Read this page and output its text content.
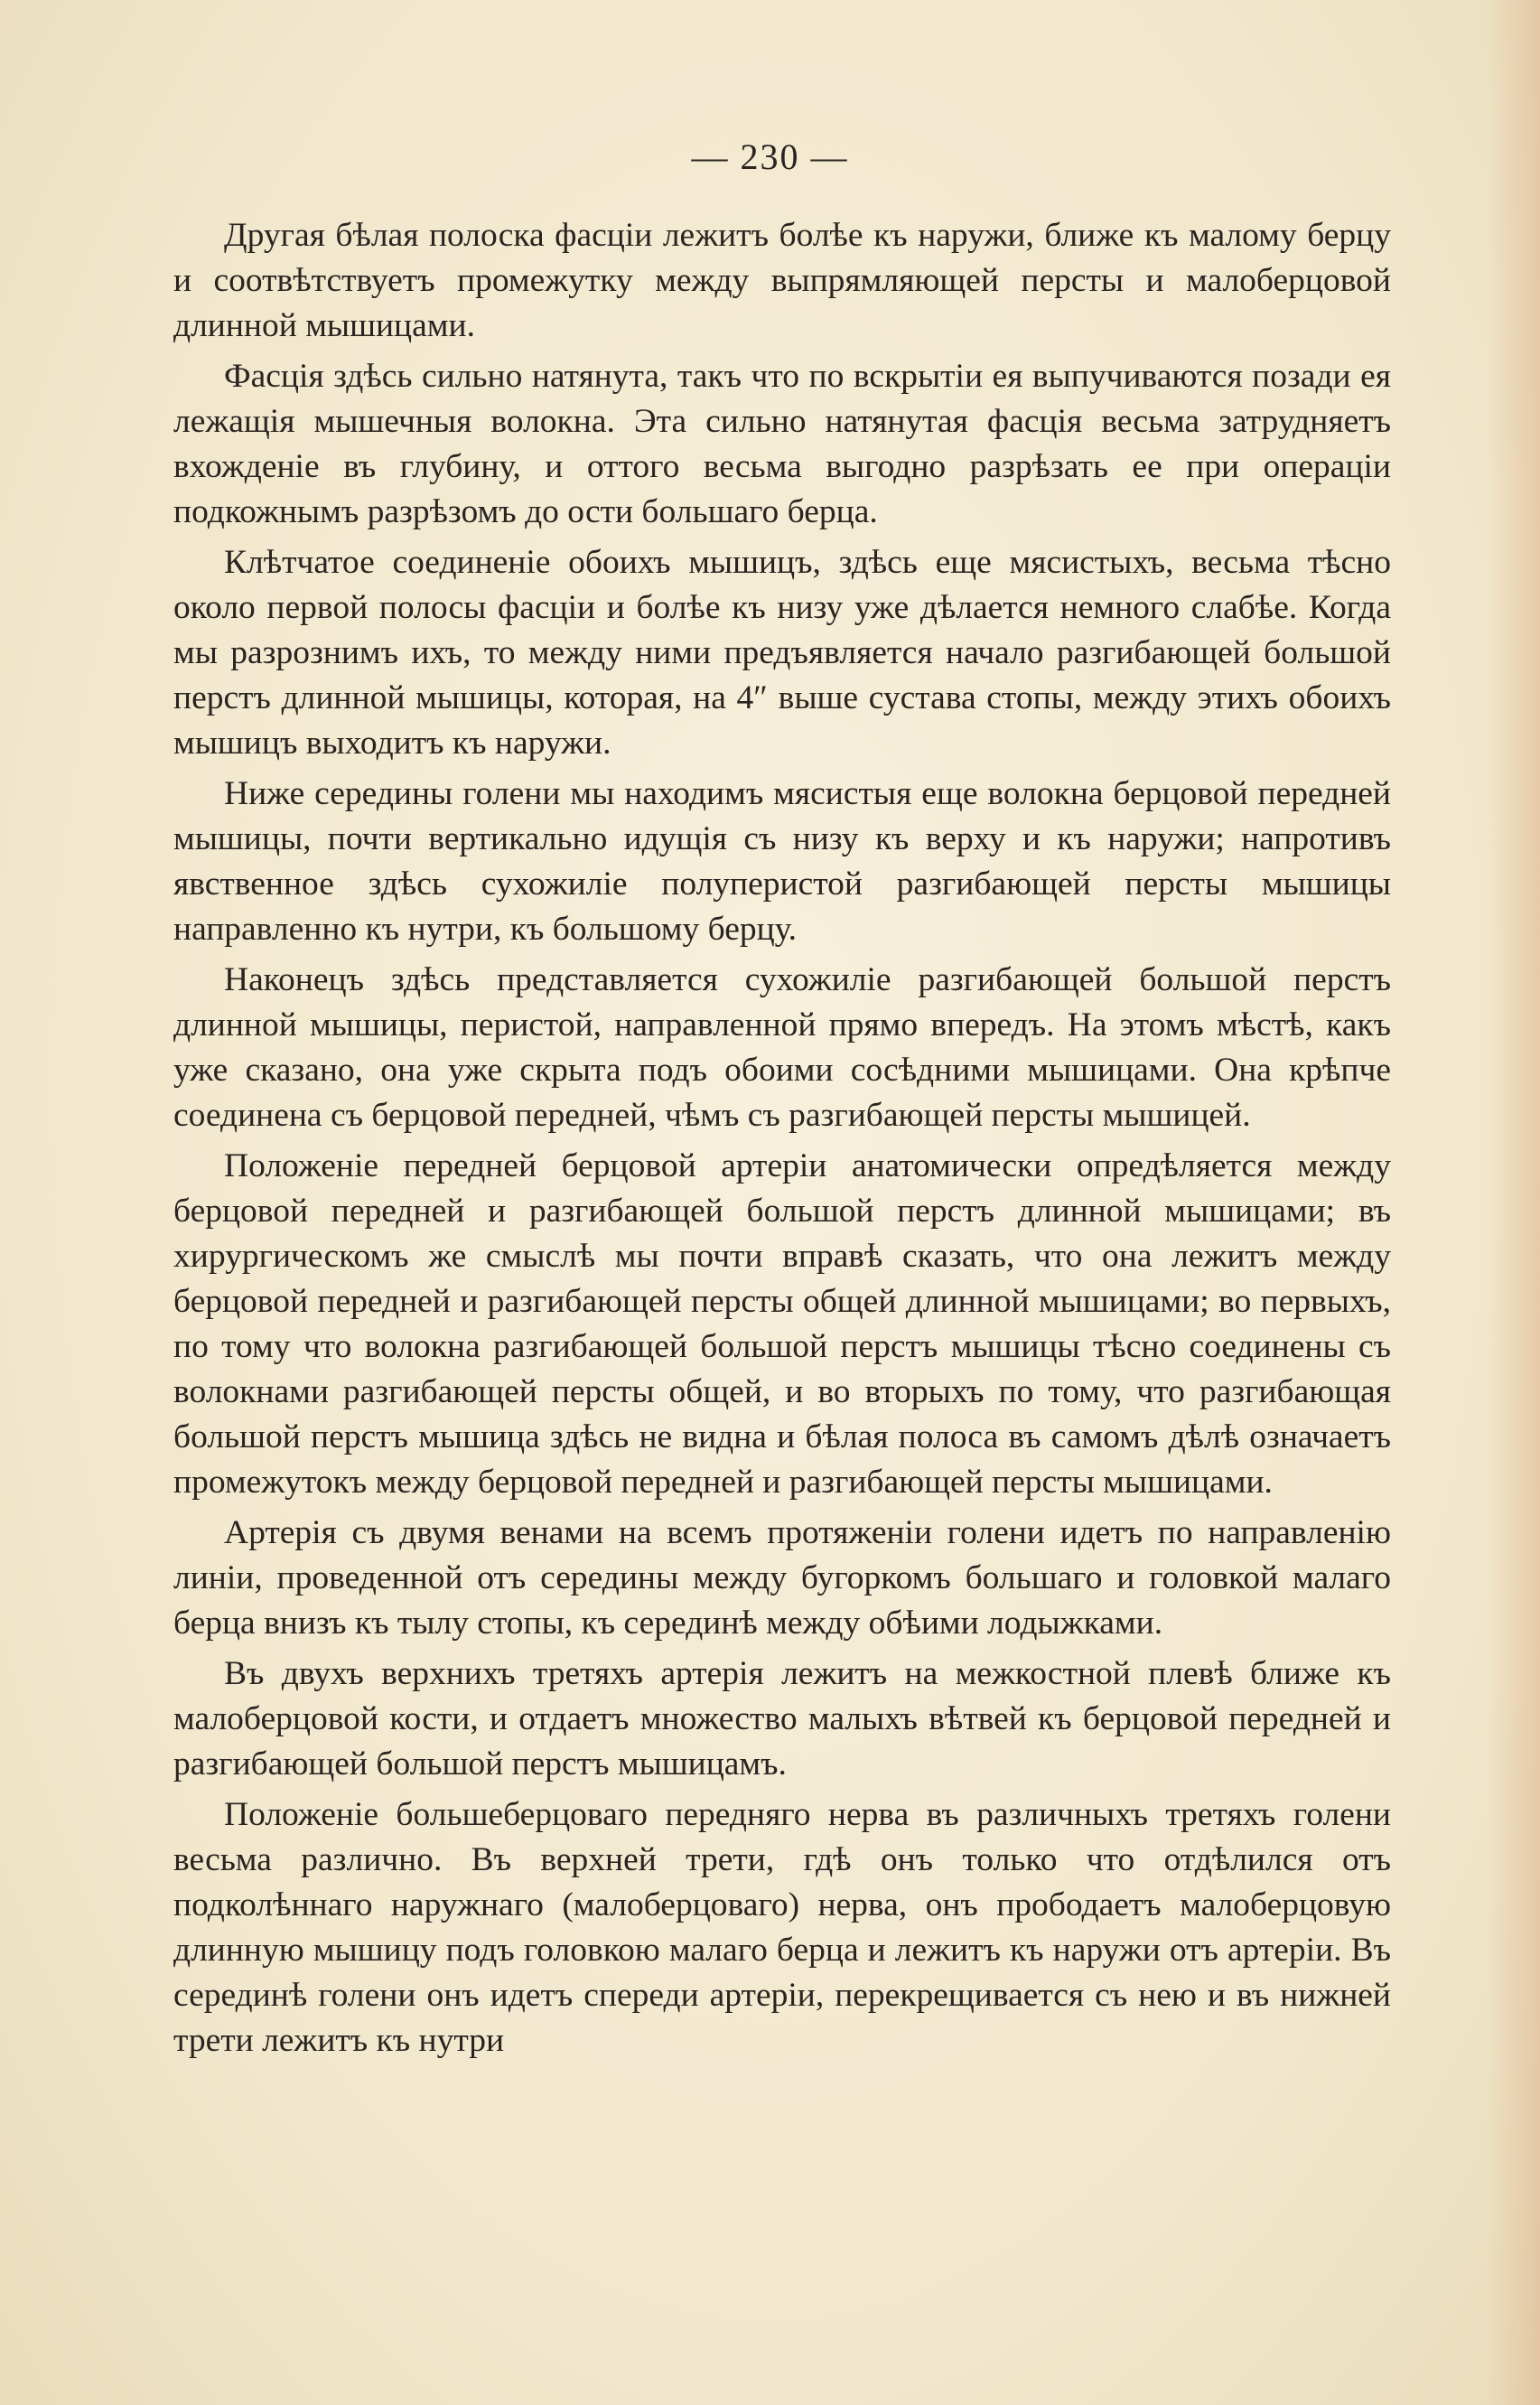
— 230 —

Другая бѣлая полоска фасціи лежитъ болѣе къ наружи, ближе къ малому берцу и соотвѣтствуетъ промежутку между выпрямляющей персты и малоберцовой длинной мышицами.

Фасція здѣсь сильно натянута, такъ что по вскрытіи ея выпучиваются позади ея лежащія мышечныя волокна. Эта сильно натянутая фасція весьма затрудняетъ вхожденіе въ глубину, и оттого весьма выгодно разрѣзать ее при операціи подкожнымъ разрѣзомъ до ости большаго берца.

Клѣтчатое соединеніе обоихъ мышицъ, здѣсь еще мясистыхъ, весьма тѣсно около первой полосы фасціи и болѣе къ низу уже дѣлается немного слабѣе. Когда мы разрознимъ ихъ, то между ними предъявляется начало разгибающей большой перстъ длинной мышицы, которая, на 4″ выше сустава стопы, между этихъ обоихъ мышицъ выходитъ къ наружи.

Ниже середины голени мы находимъ мясистыя еще волокна берцовой передней мышицы, почти вертикально идущія съ низу къ верху и къ наружи; напротивъ явственное здѣсь сухожиліе полуперистой разгибающей персты мышицы направленно къ нутри, къ большому берцу.

Наконецъ здѣсь представляется сухожиліе разгибающей большой перстъ длинной мышицы, перистой, направленной прямо впередъ. На этомъ мѣстѣ, какъ уже сказано, она уже скрыта подъ обоими сосѣдними мышицами. Она крѣпче соединена съ берцовой передней, чѣмъ съ разгибающей персты мышицей.

Положеніе передней берцовой артеріи анатомически опредѣляется между берцовой передней и разгибающей большой перстъ длинной мышицами; въ хирургическомъ же смыслѣ мы почти вправѣ сказать, что она лежитъ между берцовой передней и разгибающей персты общей длинной мышицами; во первыхъ, по тому что волокна разгибающей большой перстъ мышицы тѣсно соединены съ волокнами разгибающей персты общей, и во вторыхъ по тому, что разгибающая большой перстъ мышица здѣсь не видна и бѣлая полоса въ самомъ дѣлѣ означаетъ промежутокъ между берцовой передней и разгибающей персты мышицами.

Артерія съ двумя венами на всемъ протяженіи голени идетъ по направленію линіи, проведенной отъ середины между бугоркомъ большаго и головкой малаго берца внизъ къ тылу стопы, къ серединѣ между обѣими лодыжками.

Въ двухъ верхнихъ третяхъ артерія лежитъ на межкостной плевѣ ближе къ малоберцовой кости, и отдаетъ множество малыхъ вѣтвей къ берцовой передней и разгибающей большой перстъ мышицамъ.

Положеніе большеберцоваго передняго нерва въ различныхъ третяхъ голени весьма различно. Въ верхней трети, гдѣ онъ только что отдѣлился отъ подколѣннаго наружнаго (малоберцоваго) нерва, онъ прободаетъ малоберцовую длинную мышицу подъ головкою малаго берца и лежитъ къ наружи отъ артеріи. Въ серединѣ голени онъ идетъ спереди артеріи, перекрещивается съ нею и въ нижней трети лежитъ къ нутри
